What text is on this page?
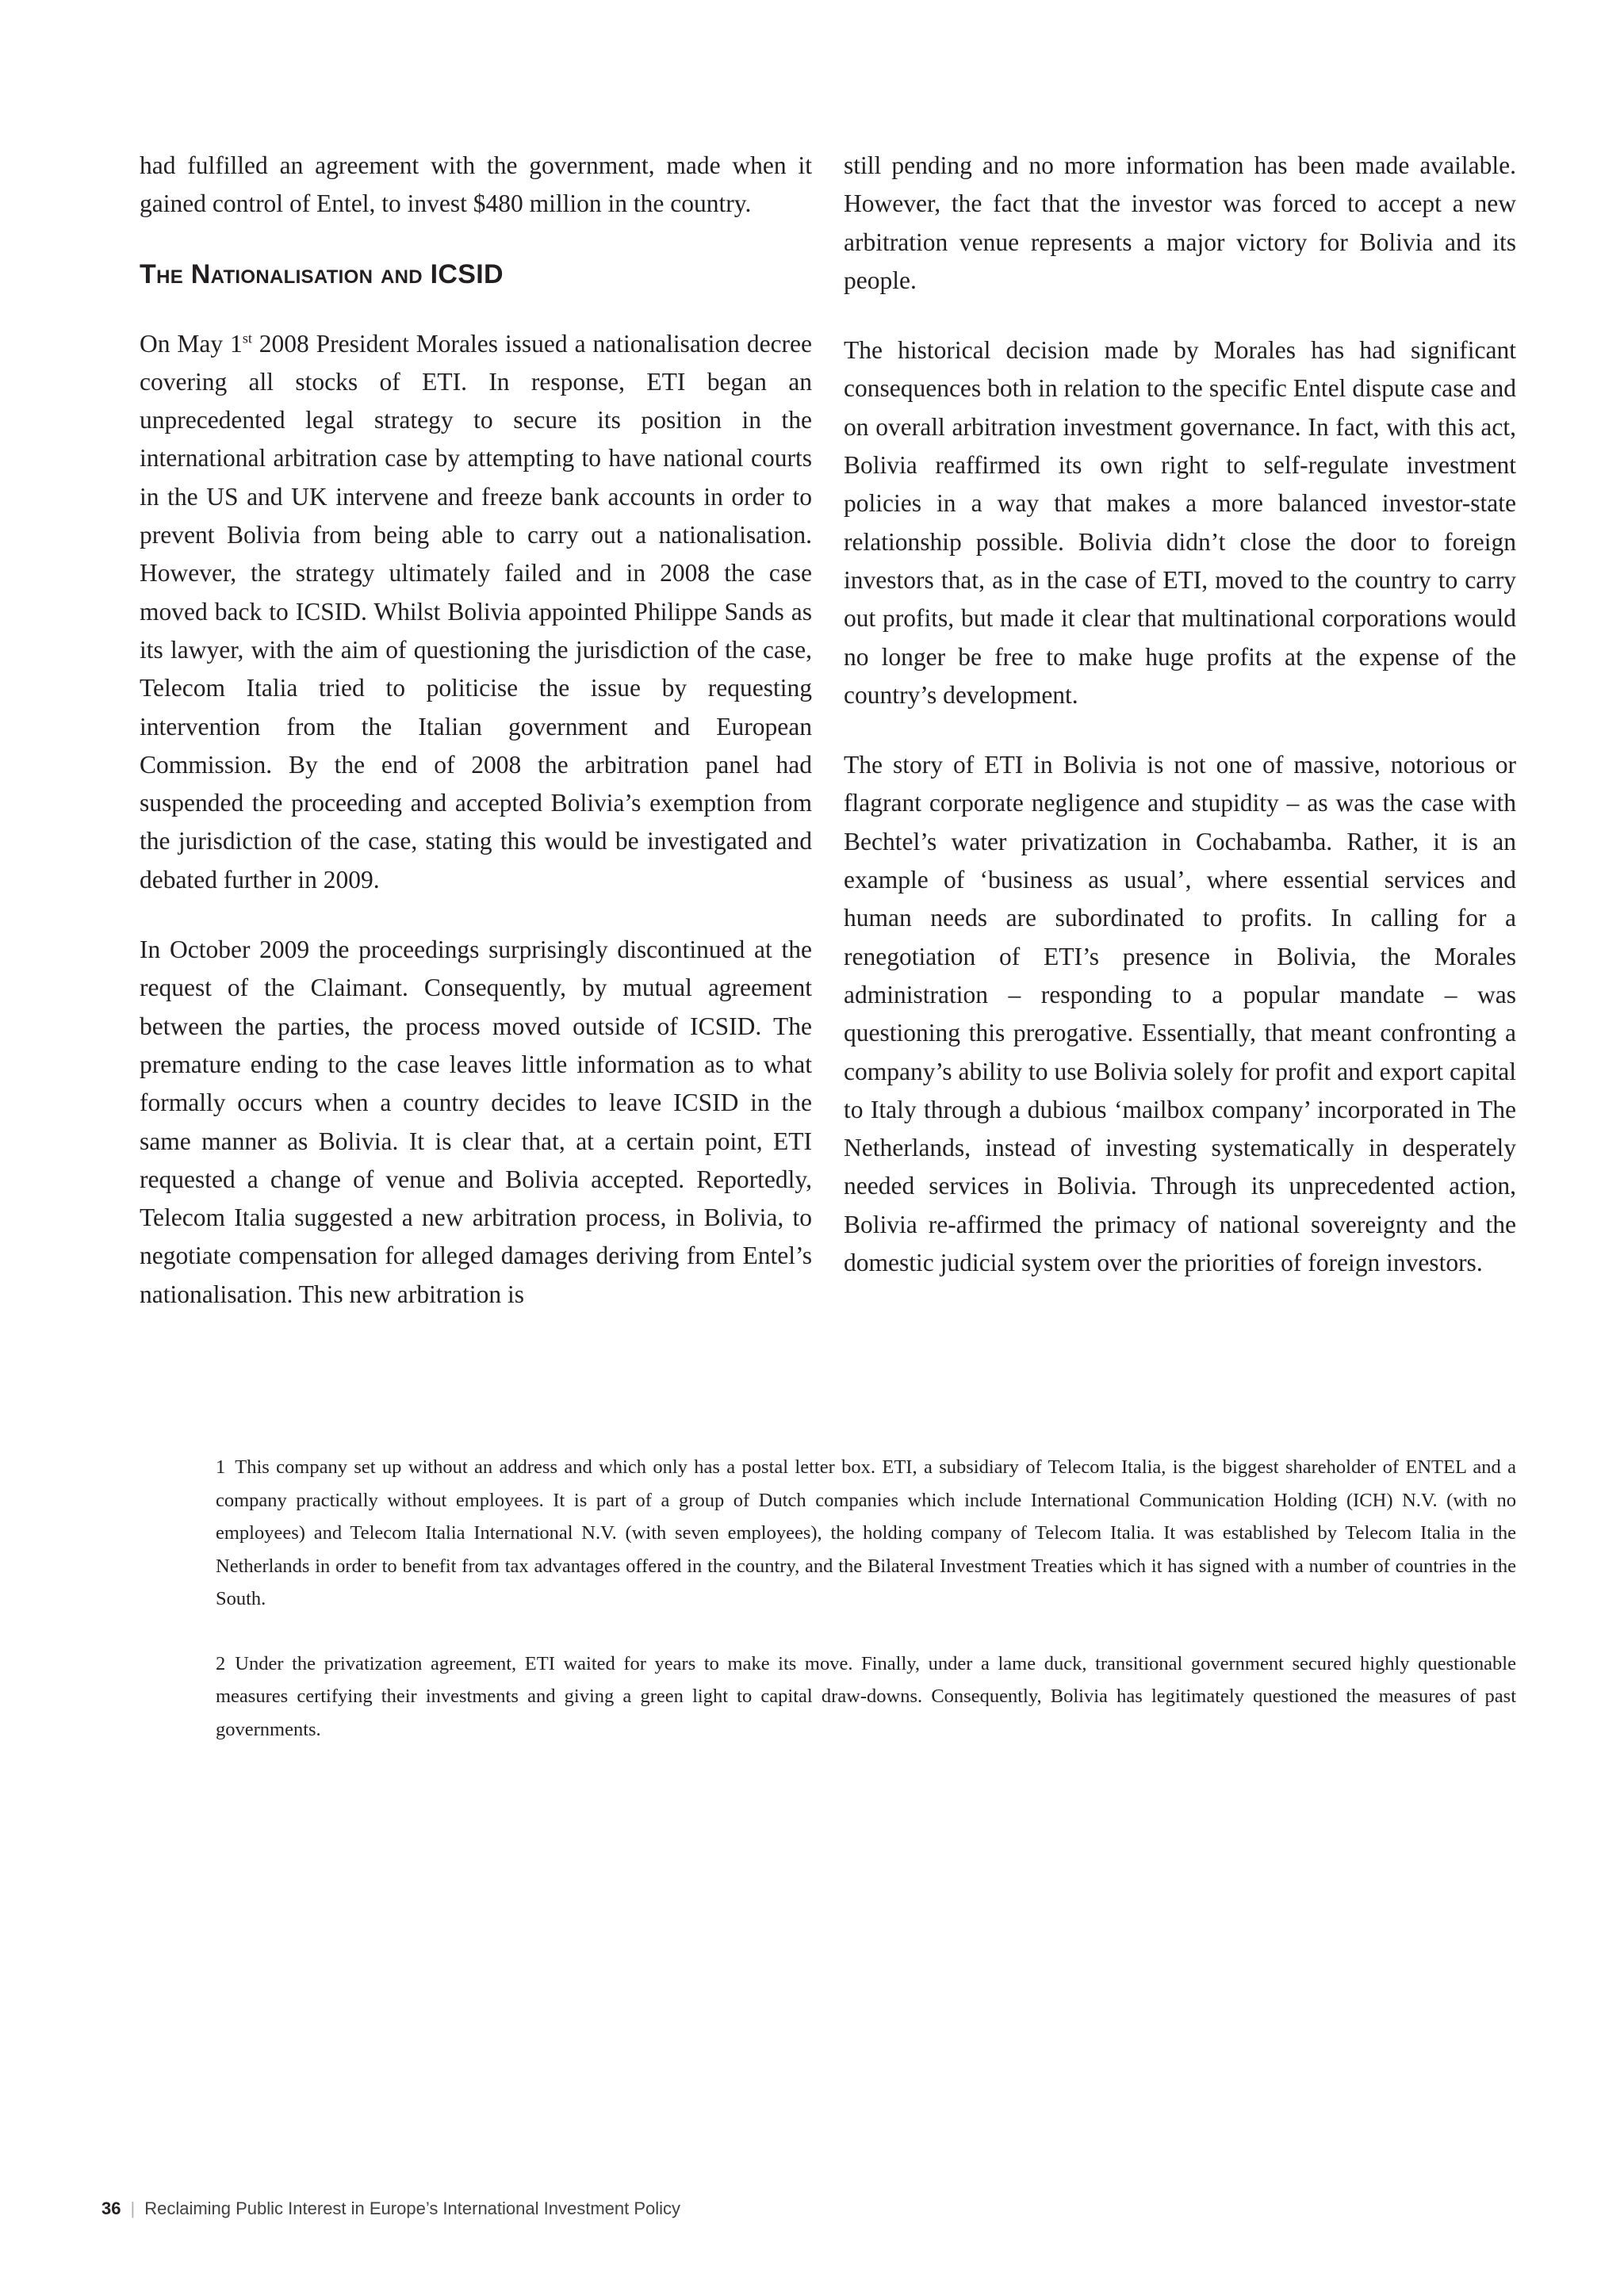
had fulfilled an agreement with the government, made when it gained control of Entel, to invest $480 million in the country.

The Nationalisation and ICSID

On May 1st 2008 President Morales issued a nationalisation decree covering all stocks of ETI. In response, ETI began an unprecedented legal strategy to secure its position in the international arbitration case by attempting to have national courts in the US and UK intervene and freeze bank accounts in order to prevent Bolivia from being able to carry out a nationalisation. However, the strategy ultimately failed and in 2008 the case moved back to ICSID. Whilst Bolivia appointed Philippe Sands as its lawyer, with the aim of questioning the jurisdiction of the case, Telecom Italia tried to politicise the issue by requesting intervention from the Italian government and European Commission. By the end of 2008 the arbitration panel had suspended the proceeding and accepted Bolivia’s exemption from the jurisdiction of the case, stating this would be investigated and debated further in 2009.

In October 2009 the proceedings surprisingly discontinued at the request of the Claimant. Consequently, by mutual agreement between the parties, the process moved outside of ICSID. The premature ending to the case leaves little information as to what formally occurs when a country decides to leave ICSID in the same manner as Bolivia. It is clear that, at a certain point, ETI requested a change of venue and Bolivia accepted. Reportedly, Telecom Italia suggested a new arbitration process, in Bolivia, to negotiate compensation for alleged damages deriving from Entel’s nationalisation. This new arbitration is

still pending and no more information has been made available. However, the fact that the investor was forced to accept a new arbitration venue represents a major victory for Bolivia and its people.

The historical decision made by Morales has had significant consequences both in relation to the specific Entel dispute case and on overall arbitration investment governance. In fact, with this act, Bolivia reaffirmed its own right to self-regulate investment policies in a way that makes a more balanced investor-state relationship possible. Bolivia didn’t close the door to foreign investors that, as in the case of ETI, moved to the country to carry out profits, but made it clear that multinational corporations would no longer be free to make huge profits at the expense of the country’s development.

The story of ETI in Bolivia is not one of massive, notorious or flagrant corporate negligence and stupidity – as was the case with Bechtel’s water privatization in Cochabamba. Rather, it is an example of ‘business as usual’, where essential services and human needs are subordinated to profits. In calling for a renegotiation of ETI’s presence in Bolivia, the Morales administration – responding to a popular mandate – was questioning this prerogative. Essentially, that meant confronting a company’s ability to use Bolivia solely for profit and export capital to Italy through a dubious ‘mailbox company’ incorporated in The Netherlands, instead of investing systematically in desperately needed services in Bolivia. Through its unprecedented action, Bolivia re-affirmed the primacy of national sovereignty and the domestic judicial system over the priorities of foreign investors.

1 This company set up without an address and which only has a postal letter box. ETI, a subsidiary of Telecom Italia, is the biggest shareholder of ENTEL and a company practically without employees. It is part of a group of Dutch companies which include International Communication Holding (ICH) N.V. (with no employees) and Telecom Italia International N.V. (with seven employees), the holding company of Telecom Italia. It was established by Telecom Italia in the Netherlands in order to benefit from tax advantages offered in the country, and the Bilateral Investment Treaties which it has signed with a number of countries in the South.

2 Under the privatization agreement, ETI waited for years to make its move. Finally, under a lame duck, transitional government secured highly questionable measures certifying their investments and giving a green light to capital draw-downs. Consequently, Bolivia has legitimately questioned the measures of past governments.

36 | Reclaiming Public Interest in Europe’s International Investment Policy
